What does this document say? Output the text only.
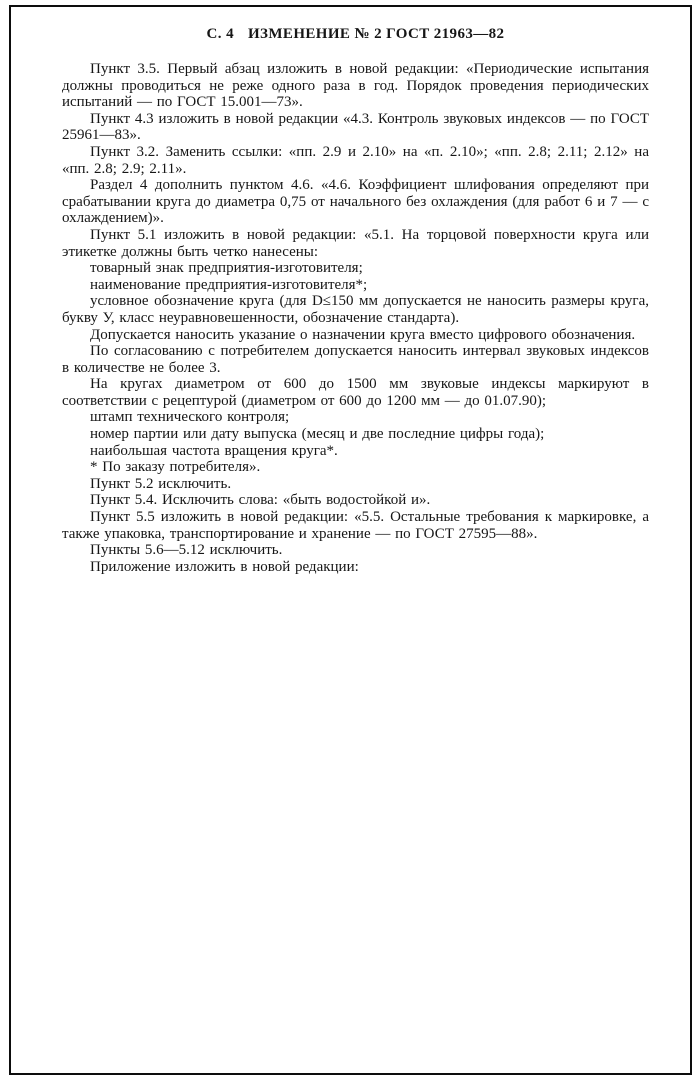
С. 4 ИЗМЕНЕНИЕ № 2 ГОСТ 21963—82

Пункт 3.5. Первый абзац изложить в новой редакции: «Периодические испытания должны проводиться не реже одного раза в год. Порядок проведения периодических испытаний — по ГОСТ 15.001—73».

Пункт 4.3 изложить в новой редакции «4.3. Контроль звуковых индексов — по ГОСТ 25961—83».

Пункт 3.2. Заменить ссылки: «пп. 2.9 и 2.10» на «п. 2.10»; «пп. 2.8; 2.11; 2.12» на «пп. 2.8; 2.9; 2.11».

Раздел 4 дополнить пунктом 4.6. «4.6. Коэффициент шлифования определяют при срабатывании круга до диаметра 0,75 от начального без охлаждения (для работ 6 и 7 — с охлаждением)».

Пункт 5.1 изложить в новой редакции: «5.1. На торцовой поверхности круга или этикетке должны быть четко нанесены:

товарный знак предприятия-изготовителя;

наименование предприятия-изготовителя*;

условное обозначение круга (для D≤150 мм допускается не наносить размеры круга, букву У, класс неуравновешенности, обозначение стандарта).

Допускается наносить указание о назначении круга вместо цифрового обозначения.

По согласованию с потребителем допускается наносить интервал звуковых индексов в количестве не более 3.

На кругах диаметром от 600 до 1500 мм звуковые индексы маркируют в соответствии с рецептурой (диаметром от 600 до 1200 мм — до 01.07.90);

штамп технического контроля;

номер партии или дату выпуска (месяц и две последние цифры года);

наибольшая частота вращения круга*.

* По заказу потребителя».

Пункт 5.2 исключить.

Пункт 5.4. Исключить слова: «быть водостойкой и».

Пункт 5.5 изложить в новой редакции: «5.5. Остальные требования к маркировке, а также упаковка, транспортирование и хранение — по ГОСТ 27595—88».

Пункты 5.6—5.12 исключить.

Приложение изложить в новой редакции:
